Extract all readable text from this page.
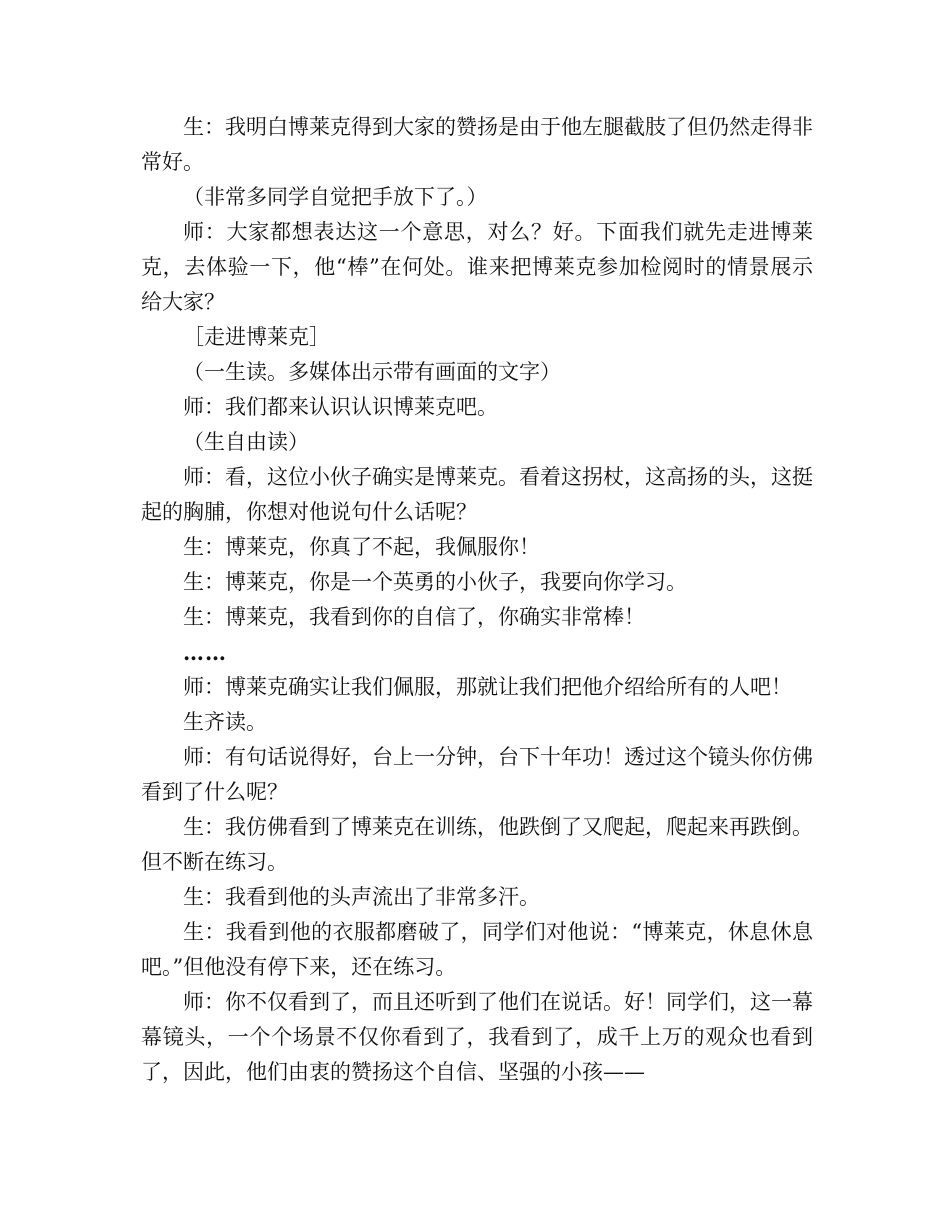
生：我明白博莱克得到大家的赞扬是由于他左腿截肢了但仍然走得非常好。

（非常多同学自觉把手放下了。）

师：大家都想表达这一个意思，对么？好。下面我们就先走进博莱克，去体验一下，他“棒”在何处。谁来把博莱克参加检阅时的情景展示给大家？

［走进博莱克］

（一生读。多媒体出示带有画面的文字）

师：我们都来认识认识博莱克吧。

（生自由读）

师：看，这位小伙子确实是博莱克。看着这拐杖，这高扬的头，这挺起的胸脯，你想对他说句什么话呢？

生：博莱克，你真了不起，我佩服你！

生：博莱克，你是一个英勇的小伙子，我要向你学习。

生：博莱克，我看到你的自信了，你确实非常棒！

……

师：博莱克确实让我们佩服，那就让我们把他介绍给所有的人吧！

生齐读。

师：有句话说得好，台上一分钟，台下十年功！透过这个镜头你仿佛看到了什么呢？

生：我仿佛看到了博莱克在训练，他跌倒了又爬起，爬起来再跌倒。但不断在练习。

生：我看到他的头声流出了非常多汗。

生：我看到他的衣服都磨破了，同学们对他说：“博莱克，休息休息吧。”但他没有停下来，还在练习。

师：你不仅看到了，而且还听到了他们在说话。好！同学们，这一幕幕镜头，一个个场景不仅你看到了，我看到了，成千上万的观众也看到了，因此，他们由衷的赞扬这个自信、坚强的小孩——
